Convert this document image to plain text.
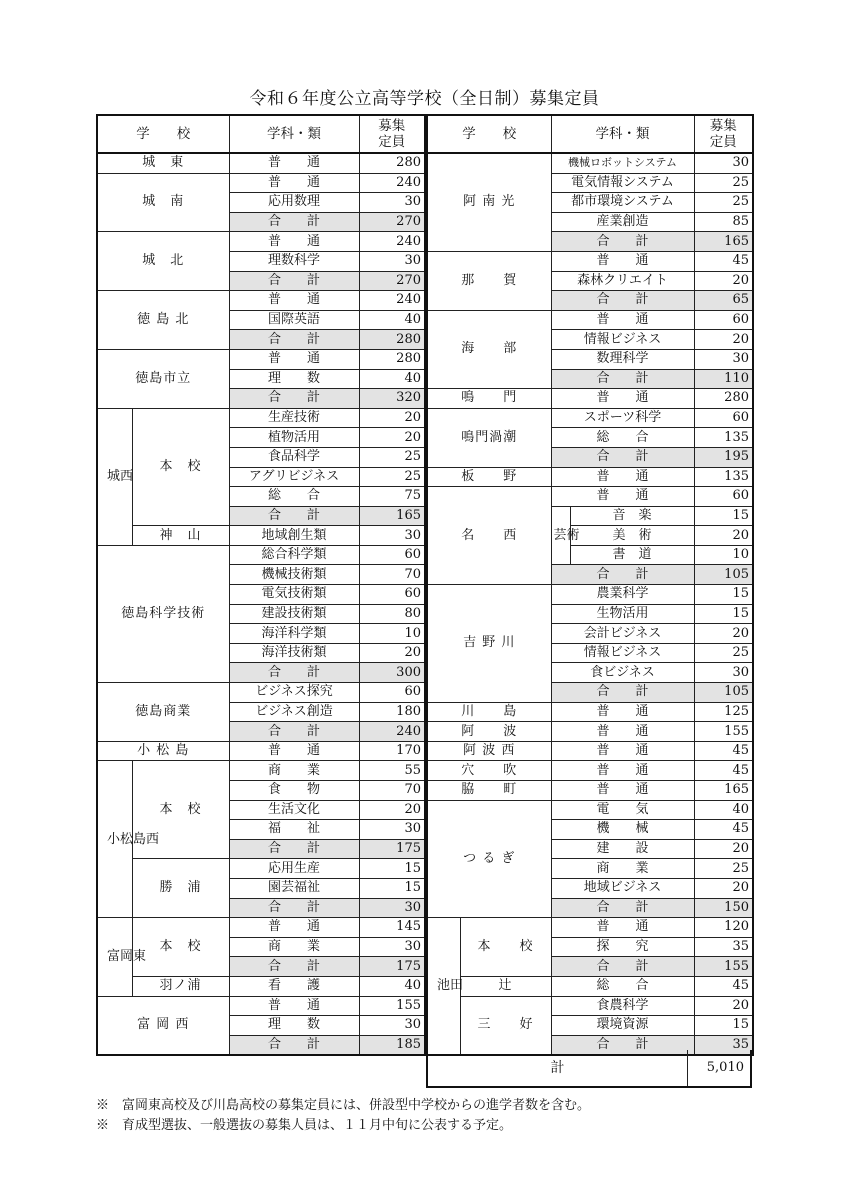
令和６年度公立高等学校（全日制）募集定員
学　　校		学科・類	募集定員
城　東		普　　通	280
城　南		普　　通	240
		応用数理	30
		合　　計	270
城　北		普　　通	240
		理数科学	30
		合　　計	270
徳 島 北		普　　通	240
		国際英語	40
		合　　計	280
徳島市立		普　　通	280
		理　　数	40
		合　　計	320
城西	本　校	生産技術	20
		植物活用	20
		食品科学	25
		アグリビジネス	25
		総　　合	75
		合　　計	165
	神　山	地域創生類	30
徳島科学技術		総合科学類	60
		機械技術類	70
		電気技術類	60
		建設技術類	80
		海洋科学類	10
		海洋技術類	20
		合　　計	300
徳島商業		ビジネス探究	60
		ビジネス創造	180
		合　　計	240
小 松 島		普　　通	170
小松島西	本　校	商　　業	55
		食　　物	70
		生活文化	20
		福　　祉	30
		合　　計	175
	勝　浦	応用生産	15
		園芸福祉	15
		合　　計	30
富岡東	本　校	普　　通	145
		商　　業	30
		合　　計	175
	羽ノ浦	看　　護	40
富 岡 西		普　　通	155
		理　　数	30
		合　　計	185
学　　校		学科・類		募集定員
阿 南 光		機械ロボットシステム		30
		電気情報システム		25
		都市環境システム		25
		産業創造		85
		合　　計		165
那　　賀		普　　通		45
		森林クリエイト		20
		合　　計		65
海　　部		普　　通		60
		情報ビジネス		20
		数理科学		30
		合　　計		110
鳴　　門		普　　通		280
鳴門渦潮		スポーツ科学		60
		総　　合		135
		合　　計		195
板　　野		普　　通		135
名　　西		普　　通		60
		芸術	音　楽	15
			美　術	20
			書　道	10
		合　　計		105
吉 野 川		農業科学		15
		生物活用		15
		会計ビジネス		20
		情報ビジネス		25
		食ビジネス		30
		合　　計		105
川　　島		普　　通		125
阿　　波		普　　通		155
阿 波 西		普　　通		45
穴　　吹		普　　通		45
脇　　町		普　　通		165
つ る ぎ		電　　気		40
		機　　械		45
		建　　設		20
		商　　業		25
		地域ビジネス		20
		合　　計		150
池田	本　　校	普　　通		120
		探　　究		35
		合　　計		155
	辻	総　　合		45
	三　　好	食農科学		20
		環境資源		15
		合　　計		35
計	5,010
※　富岡東高校及び川島高校の募集定員には、併設型中学校からの進学者数を含む。
※　育成型選抜、一般選抜の募集人員は、１１月中旬に公表する予定。
